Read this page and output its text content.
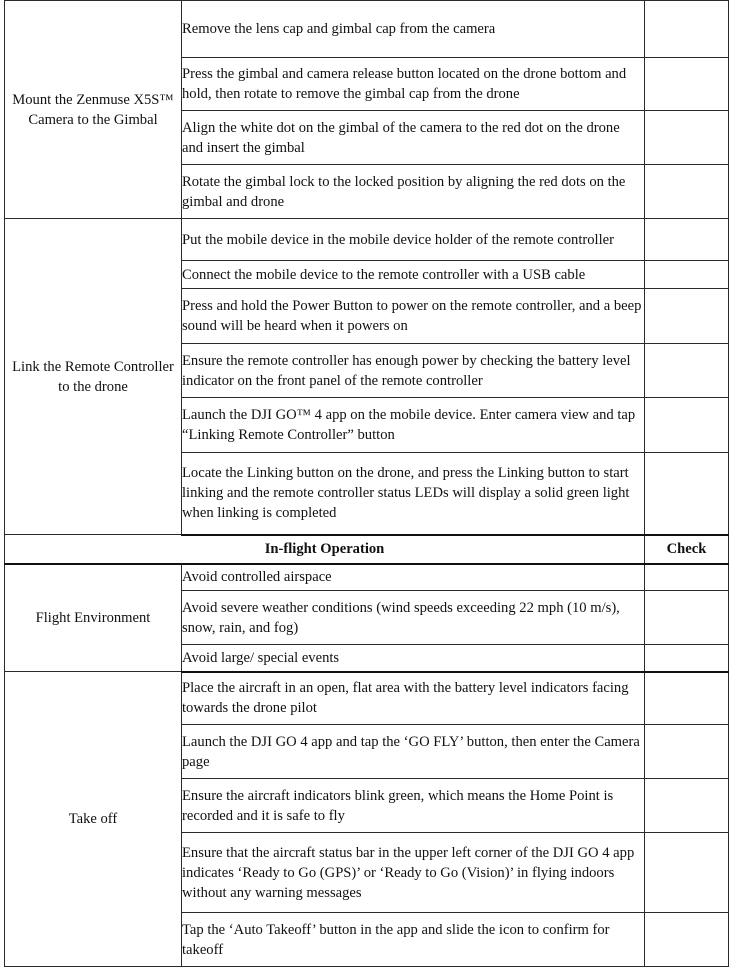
Mount the Zenmuse X5S™ Camera to the Gimbal	Remove the lens cap and gimbal cap from the camera	
	Press the gimbal and camera release button located on the drone bottom and hold, then rotate to remove the gimbal cap from the drone	
	Align the white dot on the gimbal of the camera to the red dot on the drone and insert the gimbal	
	Rotate the gimbal lock to the locked position by aligning the red dots on the gimbal and drone	
Link the Remote Controller to the drone	Put the mobile device in the mobile device holder of the remote controller	
	Connect the mobile device to the remote controller with a USB cable	
	Press and hold the Power Button to power on the remote controller, and a beep sound will be heard when it powers on	
	Ensure the remote controller has enough power by checking the battery level indicator on the front panel of the remote controller	
	Launch the DJI GO™ 4 app on the mobile device. Enter camera view and tap “Linking Remote Controller” button	
	Locate the Linking button on the drone, and press the Linking button to start linking and the remote controller status LEDs will display a solid green light when linking is completed	
In-flight Operation		Check
Flight Environment	Avoid controlled airspace	
	Avoid severe weather conditions (wind speeds exceeding 22 mph (10 m/s), snow, rain, and fog)	
	Avoid large/ special events	
Take off	Place the aircraft in an open, flat area with the battery level indicators facing towards the drone pilot	
	Launch the DJI GO 4 app and tap the ‘GO FLY’ button, then enter the Camera page	
	Ensure the aircraft indicators blink green, which means the Home Point is recorded and it is safe to fly	
	Ensure that the aircraft status bar in the upper left corner of the DJI GO 4 app indicates ‘Ready to Go (GPS)’ or ‘Ready to Go (Vision)’ in flying indoors without any warning messages	
	Tap the ‘Auto Takeoff’ button in the app and slide the icon to confirm for takeoff	
